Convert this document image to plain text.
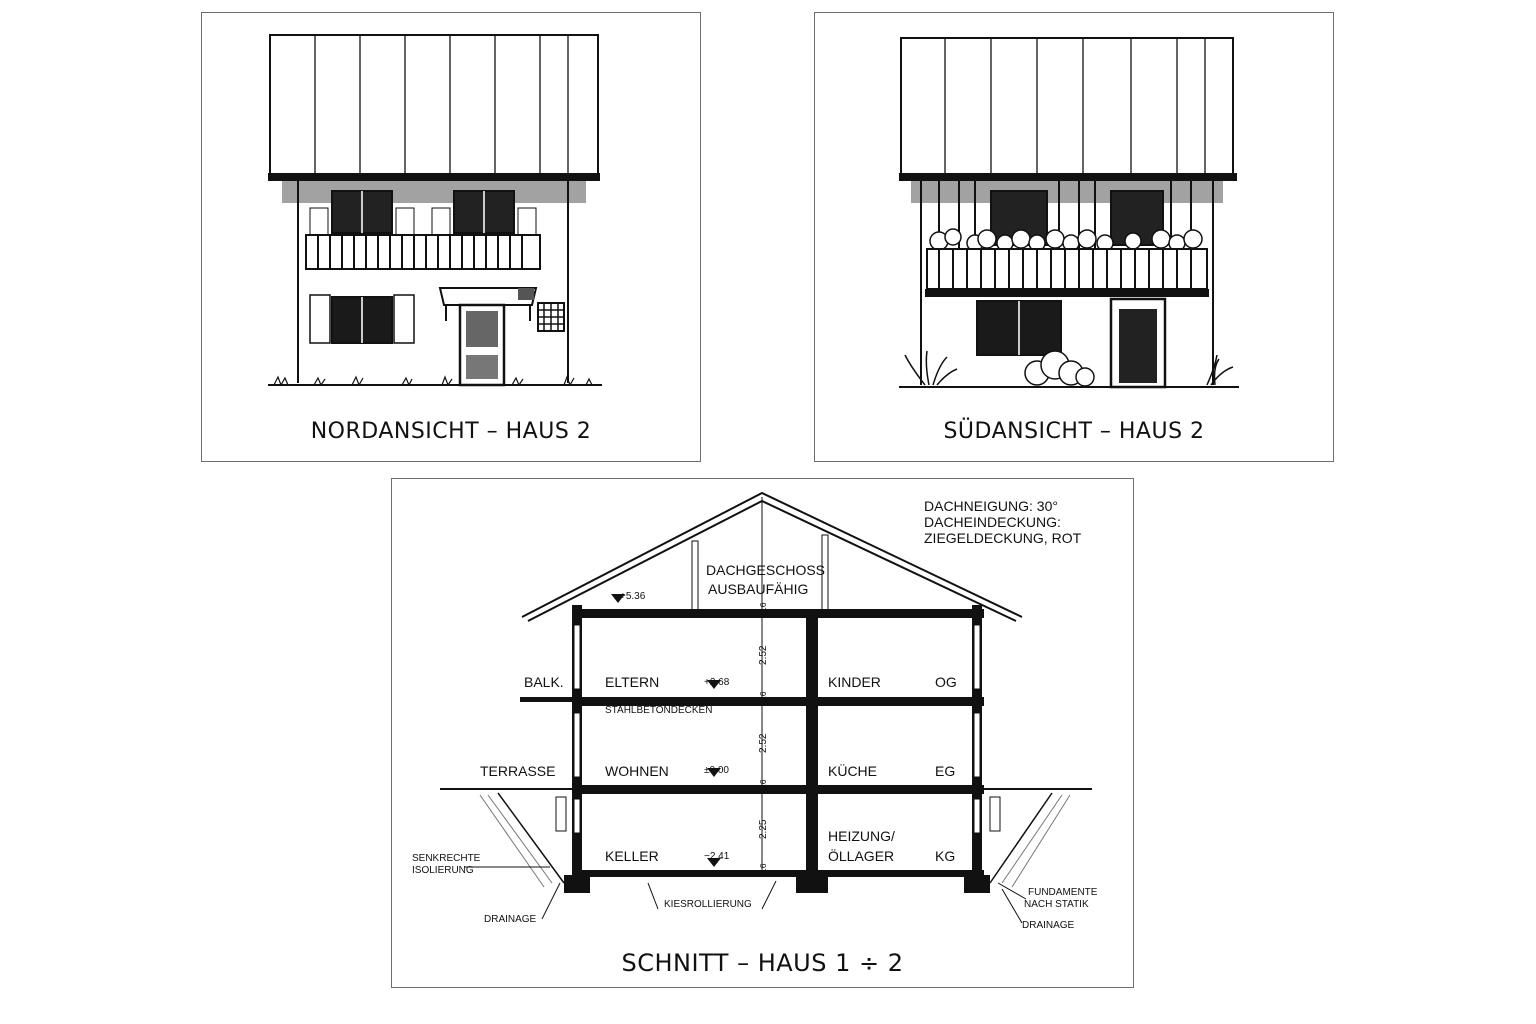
NORDANSICHT – HAUS 2	SÜDANSICHT – HAUS 2
DACHNEIGUNG: 30°
DACHEINDECKUNG:
ZIEGELDECKUNG, ROT
DACHGESCHOSS
AUSBAUFÄHIG
+5.36
+2.68
±0.00
−2.41
2.52
2.52
2.25
16
16
16
16
BALK.	ELTERN	KINDER	OG
STAHLBETONDECKEN
TERRASSE	WOHNEN	KÜCHE	EG
KELLER
HEIZUNG/
ÖLLAGER	KG
SENKRECHTE
ISOLIERUNG
DRAINAGE
KIESROLLIERUNG
FUNDAMENTE
NACH STATIK
DRAINAGE
SCHNITT – HAUS 1 ÷ 2
